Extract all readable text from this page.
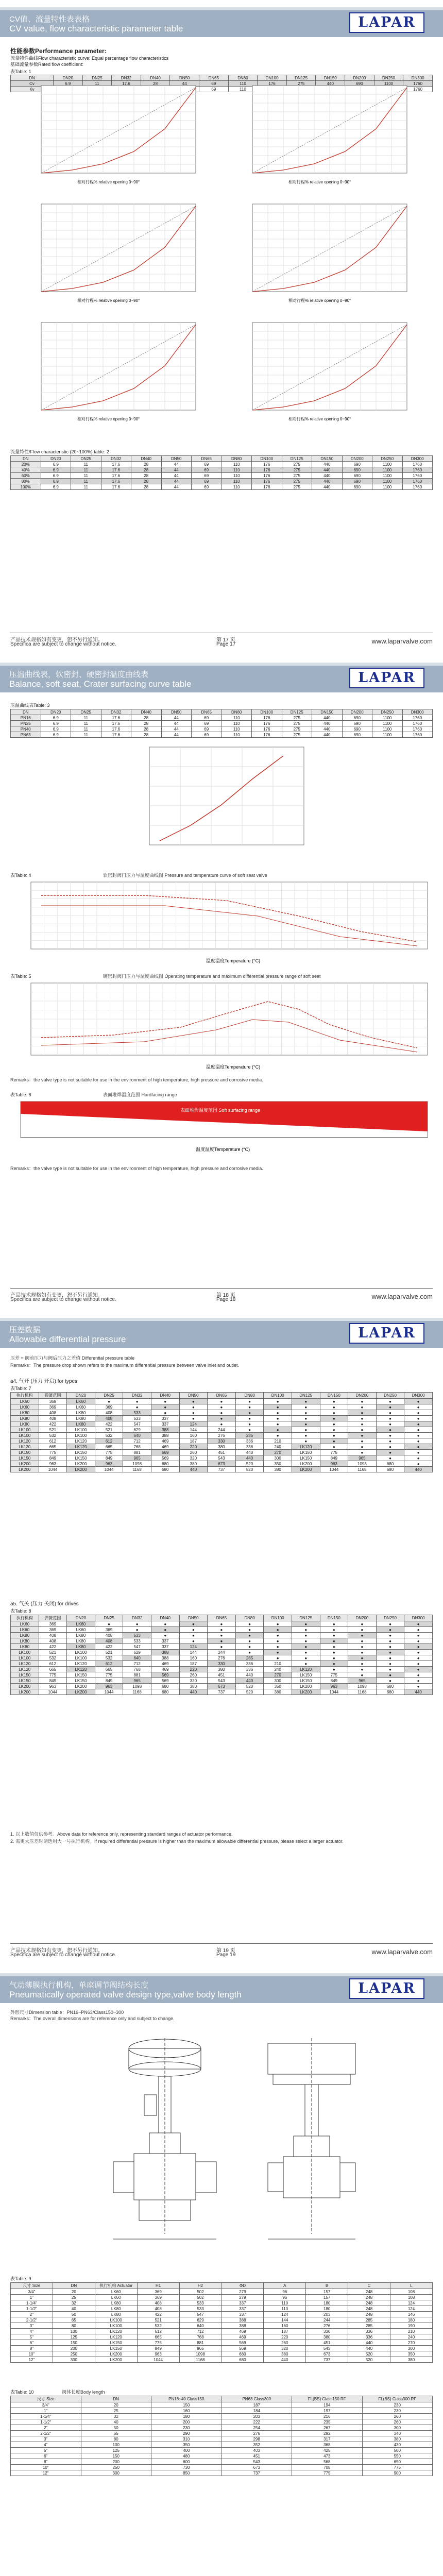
CV值、流量特性表表格
CV value, flow characteristic parameter table	LAPAR
性能参数Performance parameter:
流量特性曲线Flow characteristic curve: Equal percentage flow characteristics
基础流量参数Rated flow coefficient:
表Table: 1
DN	DN20	DN25	DN32	DN40	DN50	DN65	DN80	DN100	DN125	DN150	DN200	DN250	DN300
Cv	6.9	11	17.6	28	44	69	110	176	275	440	690	1100	1760
Kv						69	110						1760
流量特性/Flow characteristic (20~100%) table: 2
DN	DN20	DN25	DN32	DN40	DN50	DN65	DN80	DN100	DN125	DN150	DN200	DN250	DN300
20%	6.9	11	17.6	28	44	69	110	176	275	440	690	1100	1760
40%	6.9	11	17.6	28	44	69	110	176	275	440	690	1100	1760
60%	6.9	11	17.6	28	44	69	110	176	275	440	690	1100	1760
80%	6.9	11	17.6	28	44	69	110	176	275	440	690	1100	1760
100%	6.9	11	17.6	28	44	69	110	176	275	440	690	1100	1760
产品技术规格如有变更，恕不另行通知。
Specifica are subject to change without notice.
第 17 页
Page 17	www.laparvalve.com
相对行程% relative opening 0~90°	相对行程% relative opening 0~90°
相对行程% relative opening 0~90°	相对行程% relative opening 0~90°
相对行程% relative opening 0~90°	相对行程% relative opening 0~90°
压温曲线表，软密封、硬密封温度曲线表
Balance, soft seat, Crater surfacing curve table	LAPAR
压温曲线表Table: 3
DN	DN20	DN25	DN32	DN40	DN50	DN65	DN80	DN100	DN125	DN150	DN200	DN250	DN300
PN16	6.9	11	17.6	28	44	69	110	176	275	440	690	1100	1760
PN25	6.9	11	17.6	28	44	69	110	176	275	440	690	1100	1760
PN40	6.9	11	17.6	28	44	69	110	176	275	440	690	1100	1760
PN63	6.9	11	17.6	28	44	69	110	176	275	440	690	1100	1760
表Table: 4	软密封阀门压力与温度曲线图 Pressure and temperature curve of soft seat valve
温度温度Temperature (°C)
表Table: 5	硬密封阀门压力与温度曲线图 Operating temperature and maximum differential pressure range of soft seat
温度温度Temperature (°C)
Remarks：the valve type is not suitable for use in the environment of high temperature, high pressure and corrosive media.
表Table: 6	表面堆焊温度范围 Hardfacing range
表面堆焊温度范围 Soft surfacing range
温度温度Temperature (°C)
Remarks：the valve type is not suitable for use in the environment of high temperature, high pressure and corrosive media.
产品技术规格如有变更，恕不另行通知。
Specifica are subject to change without notice.
第 18 页
Page 18	www.laparvalve.com
压差数据
Allowable differential pressure	LAPAR
压差 = 阀前压力与阀后压力之差值 Differential pressure table
Remarks：The pressure drop shown refers to the maximum differential pressure between valve inlet and outlet.
a4. 气开 (压力 开启) for types
表Table: 7
执行机构	弹簧范围	DN20	DN25	DN32	DN40	DN50	DN65	DN80	DN100	DN125	DN150	DN200	DN250	DN300
LK60	369	LK60	●	●	●	●	●	●	●	●	●	●	●	●
LK60	369	LK60	369	●	●	●	●	●	●	●	●	●	●	●
LK80	408	LK80	408	533	●	●	●	●	●	●	●	●	●	●
LK80	408	LK80	408	533	337	●	●	●	●	●	●	●	●	●
LK80	422	LK80	422	547	337	124	●	●	●	●	●	●	●	●
LK100	521	LK100	521	629	388	144	244	●	●	●	●	●	●	●
LK100	532	LK100	532	640	388	160	276	285	●	●	●	●	●	●
LK120	612	LK120	612	712	469	187	330	336	210	●	●	●	●	●
LK120	665	LK120	665	768	469	220	380	336	240	LK120	●	●	●	●
LK150	775	LK150	775	881	569	260	451	440	270	LK150	775	●	●	●
LK150	849	LK150	849	965	569	320	543	440	300	LK150	849	965	●	●
LK200	963	LK200	963	1098	680	380	673	520	350	LK200	963	1098	680	●
LK200	1044	LK200	1044	1168	680	440	737	520	380	LK200	1044	1168	680	440
a5. 气关 (压力 关闭) for drives
表Table: 8
执行机构	弹簧范围	DN20	DN25	DN32	DN40	DN50	DN65	DN80	DN100	DN125	DN150	DN200	DN250	DN300
LK60	369	LK60	●	●	●	●	●	●	●	●	●	●	●	●
LK60	369	LK60	369	●	●	●	●	●	●	●	●	●	●	●
LK80	408	LK80	408	533	●	●	●	●	●	●	●	●	●	●
LK80	408	LK80	408	533	337	●	●	●	●	●	●	●	●	●
LK80	422	LK80	422	547	337	124	●	●	●	●	●	●	●	●
LK100	521	LK100	521	629	388	144	244	●	●	●	●	●	●	●
LK100	532	LK100	532	640	388	160	276	285	●	●	●	●	●	●
LK120	612	LK120	612	712	469	187	330	336	210	●	●	●	●	●
LK120	665	LK120	665	768	469	220	380	336	240	LK120	●	●	●	●
LK150	775	LK150	775	881	569	260	451	440	270	LK150	775	●	●	●
LK150	849	LK150	849	965	569	320	543	440	300	LK150	849	965	●	●
LK200	963	LK200	963	1098	680	380	673	520	350	LK200	963	1098	680	●
LK200	1044	LK200	1044	1168	680	440	737	520	380	LK200	1044	1168	680	440
1. 以上数值仅供参考。Above data for reference only, representing standard ranges of actuator performance.
2. 需更大压差时请选用大一号执行机构。If required differential pressure is higher than the maximum allowable differential pressure, please select a larger actuator.
产品技术规格如有变更，恕不另行通知。
Specifica are subject to change without notice.
第 19 页
Page 19	www.laparvalve.com
气动薄膜执行机构，单座调节阀结构长度
Pneumatically operated valve design type,valve body length	LAPAR
外形尺寸Dimension table：PN16~PN63/Class150~300
Remarks：The overall dimensions are for reference only and subject to change.
表Table: 9
尺寸 Size	DN	执行机构 Actuator	H1	H2	ΦD	A	B	C	L
3/4"	20	LK60	369	502	279	96	157	248	108
1"	25	LK60	369	502	279	96	157	248	108
1-1/4"	32	LK80	408	533	337	110	180	248	124
1-1/2"	40	LK80	408	533	337	110	180	248	124
2"	50	LK80	422	547	337	124	203	248	146
2-1/2"	65	LK100	521	629	388	144	244	285	180
3"	80	LK100	532	640	388	160	276	285	190
4"	100	LK120	612	712	469	187	330	336	210
5"	125	LK120	665	768	469	220	380	336	240
6"	150	LK150	775	881	569	260	451	440	270
8"	200	LK150	849	965	569	320	543	440	300
10"	250	LK200	963	1098	680	380	673	520	350
12"	300	LK200	1044	1168	680	440	737	520	380
表Table: 10	阀体长度Body length
尺寸 Size	DN	PN16~40 Class150	PN63 Class300	FL(BS) Class150 RF	FL(BS) Class300 RF
3/4"	20	150	187	194	230
1"	25	160	184	197	230
1-1/4"	32	180	203	216	260
1-1/2"	40	200	222	235	260
2"	50	230	254	267	300
2-1/2"	65	290	276	292	340
3"	80	310	298	317	380
4"	100	350	352	368	430
5"	125	400	403	425	500
6"	150	480	451	473	550
8"	200	600	543	568	650
10"	250	730	673	708	775
12"	300	850	737	775	900
